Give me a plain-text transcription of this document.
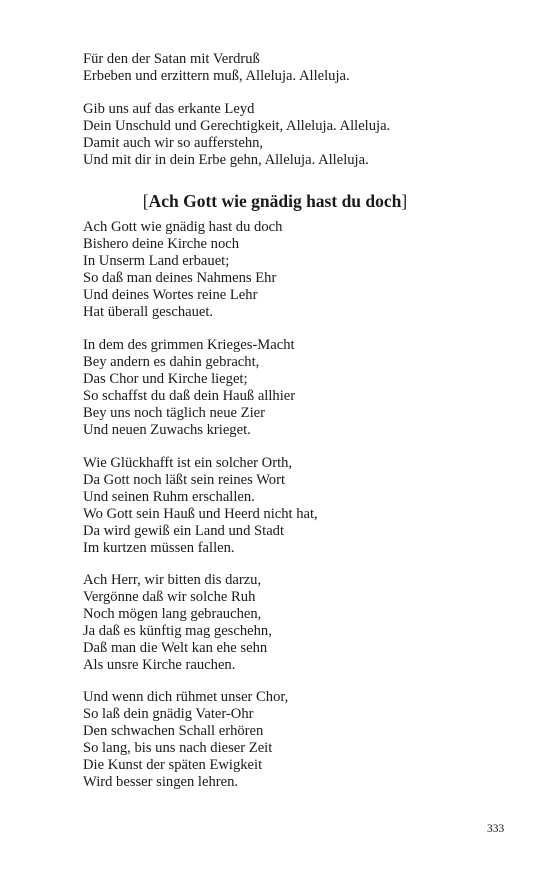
Für den der Satan mit Verdruß
Erbeben und erzittern muß, Alleluja. Alleluja.
Gib uns auf das erkante Leyd
Dein Unschuld und Gerechtigkeit, Alleluja. Alleluja.
Damit auch wir so aufferstehn,
Und mit dir in dein Erbe gehn, Alleluja. Alleluja.
[Ach Gott wie gnädig hast du doch]
Ach Gott wie gnädig hast du doch
Bishero deine Kirche noch
In Unserm Land erbauet;
So daß man deines Nahmens Ehr
Und deines Wortes reine Lehr
Hat überall geschauet.
In dem des grimmen Krieges-Macht
Bey andern es dahin gebracht,
Das Chor und Kirche lieget;
So schaffst du daß dein Hauß allhier
Bey uns noch täglich neue Zier
Und neuen Zuwachs krieget.
Wie Glückhafft ist ein solcher Orth,
Da Gott noch läßt sein reines Wort
Und seinen Ruhm erschallen.
Wo Gott sein Hauß und Heerd nicht hat,
Da wird gewiß ein Land und Stadt
Im kurtzen müssen fallen.
Ach Herr, wir bitten dis darzu,
Vergönne daß wir solche Ruh
Noch mögen lang gebrauchen,
Ja daß es künftig mag geschehn,
Daß man die Welt kan ehe sehn
Als unsre Kirche rauchen.
Und wenn dich rühmet unser Chor,
So laß dein gnädig Vater-Ohr
Den schwachen Schall erhören
So lang, bis uns nach dieser Zeit
Die Kunst der späten Ewigkeit
Wird besser singen lehren.
333
